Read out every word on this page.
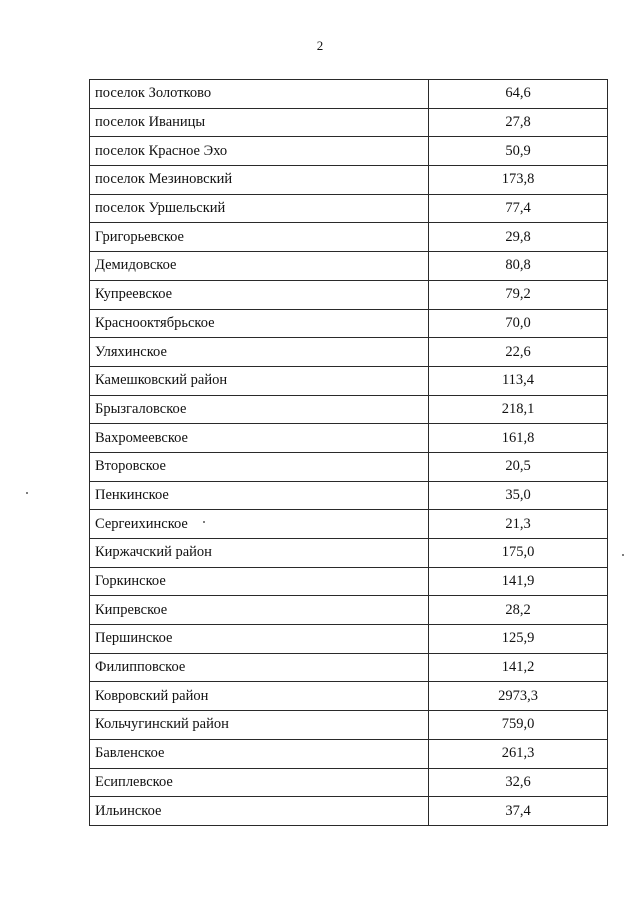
2
поселок Золотково	64,6
поселок Иваницы	27,8
поселок Красное Эхо	50,9
поселок Мезиновский	173,8
поселок Уршельский	77,4
Григорьевское	29,8
Демидовское	80,8
Купреевское	79,2
Краснооктябрьское	70,0
Уляхинское	22,6
Камешковский район	113,4
Брызгаловское	218,1
Вахромеевское	161,8
Второвское	20,5
Пенкинское	35,0
Сергеихинское	21,3
Киржачский район	175,0
Горкинское	141,9
Кипревское	28,2
Першинское	125,9
Филипповское	141,2
Ковровский район	2973,3
Кольчугинский район	759,0
Бавленское	261,3
Есиплевское	32,6
Ильинское	37,4
